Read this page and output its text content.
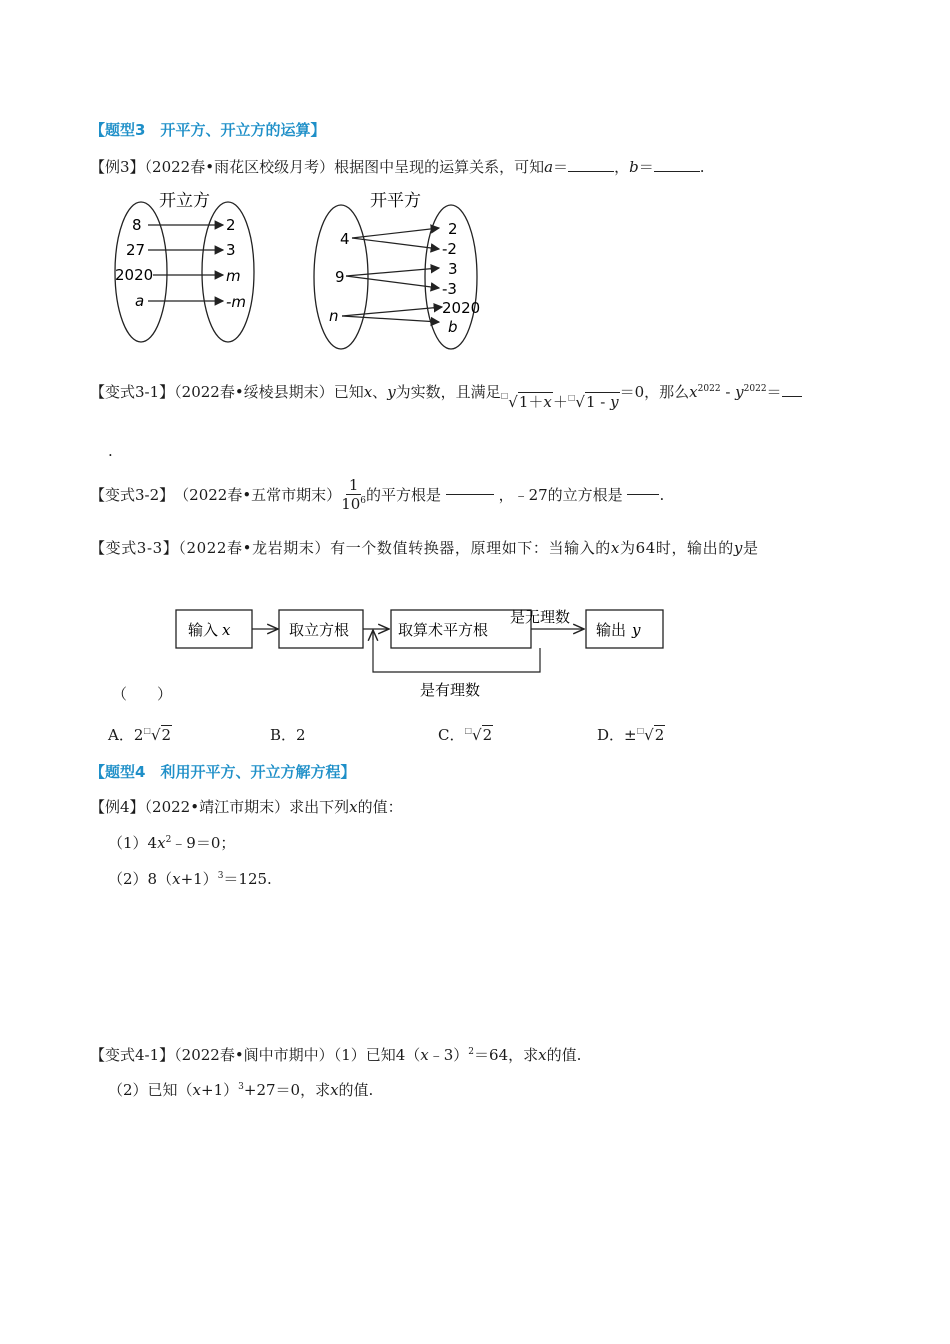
【题型3　开平方、开立方的运算】
【例3】（2022春•雨花区校级月考）根据图中呈现的运算关系，可知a＝	，b＝	.
开立方
8
27
2020
a
2
3
m
-m
开平方
4
9
n
2
-2
3
-3
2020
b
【变式3-1】（2022春•绥棱县期末）已知x、y为实数，且满足□√1＋x＋□√1 - y＝0，那么$x^{2022} - y^{2022}=$
.
【变式3-2】 （2022春•五常市期末） $\frac{1}{10^6}$ 的平方根是

	，﹣27的立方根是
.
【变式3-3】（2022春•龙岩期末）有一个数值转换器，原理如下：当输入的x为64时，输出的y是
输入 x	取立方根	取算术平方根
是无理数
输出 y
是有理数
（　　）
A．2□√2	B．2	C．□√2	D．±□√2
【题型4　利用开平方、开立方解方程】
【例4】（2022•靖江市期末）求出下列x的值：
$(1)4x^2﹣9=0$；
$(2)8(x+1)^3=125$.
【变式4-1】（2022春•阆中市期中）（1）已知4（x﹣3）$^2$＝64，求x的值.
（2）已知$(x+1)^3+27=0$，求x的值.
